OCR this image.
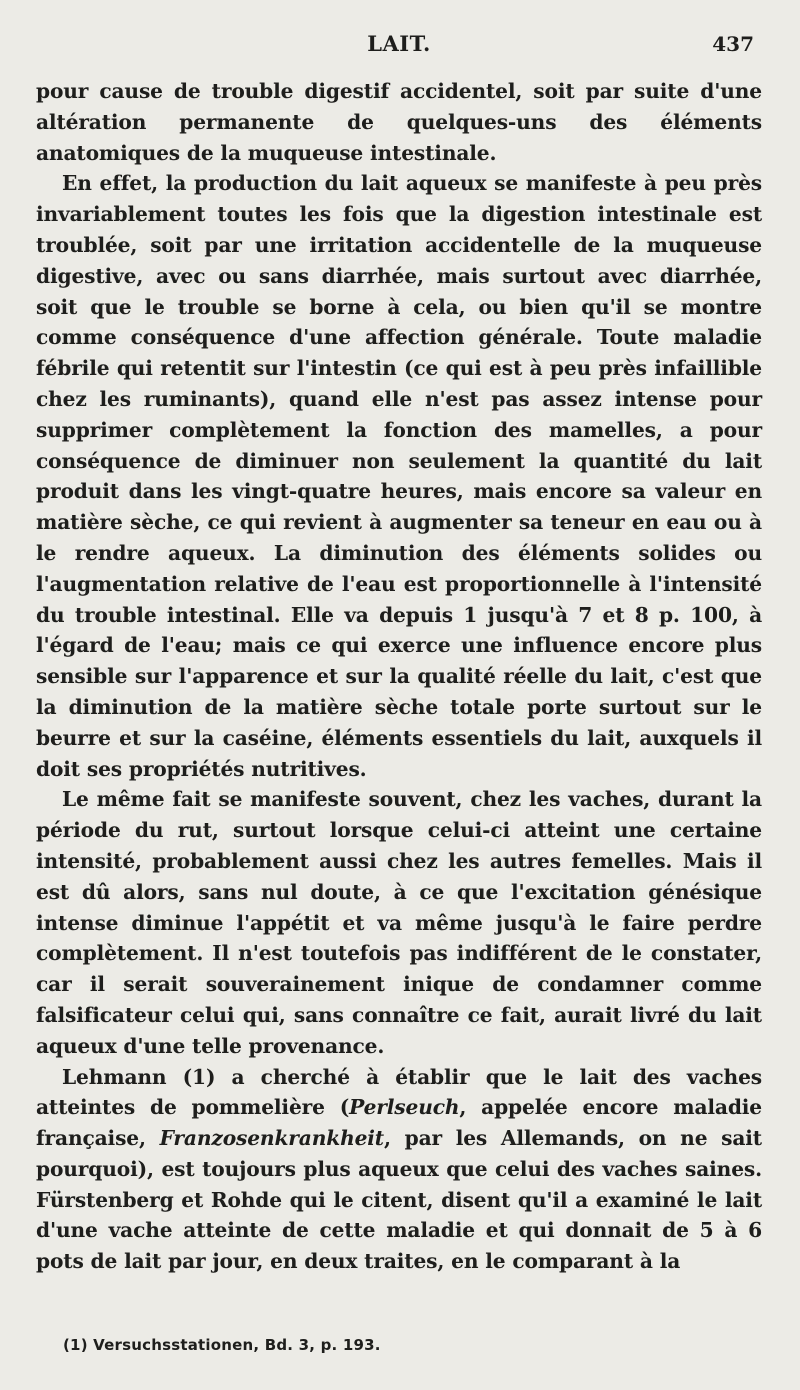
LAIT.	437

pour cause de trouble digestif accidentel, soit par suite d'une altération permanente de quelques-uns des éléments anatomiques de la muqueuse intestinale.

En effet, la production du lait aqueux se manifeste à peu près invariablement toutes les fois que la digestion intestinale est troublée, soit par une irritation accidentelle de la muqueuse digestive, avec ou sans diarrhée, mais surtout avec diarrhée, soit que le trouble se borne à cela, ou bien qu'il se montre comme conséquence d'une affection générale. Toute maladie fébrile qui retentit sur l'intestin (ce qui est à peu près infaillible chez les ruminants), quand elle n'est pas assez intense pour supprimer complètement la fonction des mamelles, a pour conséquence de diminuer non seulement la quantité du lait produit dans les vingt-quatre heures, mais encore sa valeur en matière sèche, ce qui revient à augmenter sa teneur en eau ou à le rendre aqueux. La diminution des éléments solides ou l'augmentation relative de l'eau est proportionnelle à l'intensité du trouble intestinal. Elle va depuis 1 jusqu'à 7 et 8 p. 100, à l'égard de l'eau; mais ce qui exerce une influence encore plus sensible sur l'apparence et sur la qualité réelle du lait, c'est que la diminution de la matière sèche totale porte surtout sur le beurre et sur la caséine, éléments essentiels du lait, auxquels il doit ses propriétés nutritives.

Le même fait se manifeste souvent, chez les vaches, durant la période du rut, surtout lorsque celui-ci atteint une certaine intensité, probablement aussi chez les autres femelles. Mais il est dû alors, sans nul doute, à ce que l'excitation génésique intense diminue l'appétit et va même jusqu'à le faire perdre complètement. Il n'est toutefois pas indifférent de le constater, car il serait souverainement inique de condamner comme falsificateur celui qui, sans connaître ce fait, aurait livré du lait aqueux d'une telle provenance.

Lehmann (1) a cherché à établir que le lait des vaches atteintes de pommelière (Perlseuch, appelée encore maladie française, Franzosenkrankheit, par les Allemands, on ne sait pourquoi), est toujours plus aqueux que celui des vaches saines. Fürstenberg et Rohde qui le citent, disent qu'il a examiné le lait d'une vache atteinte de cette maladie et qui donnait de 5 à 6 pots de lait par jour, en deux traites, en le comparant à la

(1) Versuchsstationen, Bd. 3, p. 193.
